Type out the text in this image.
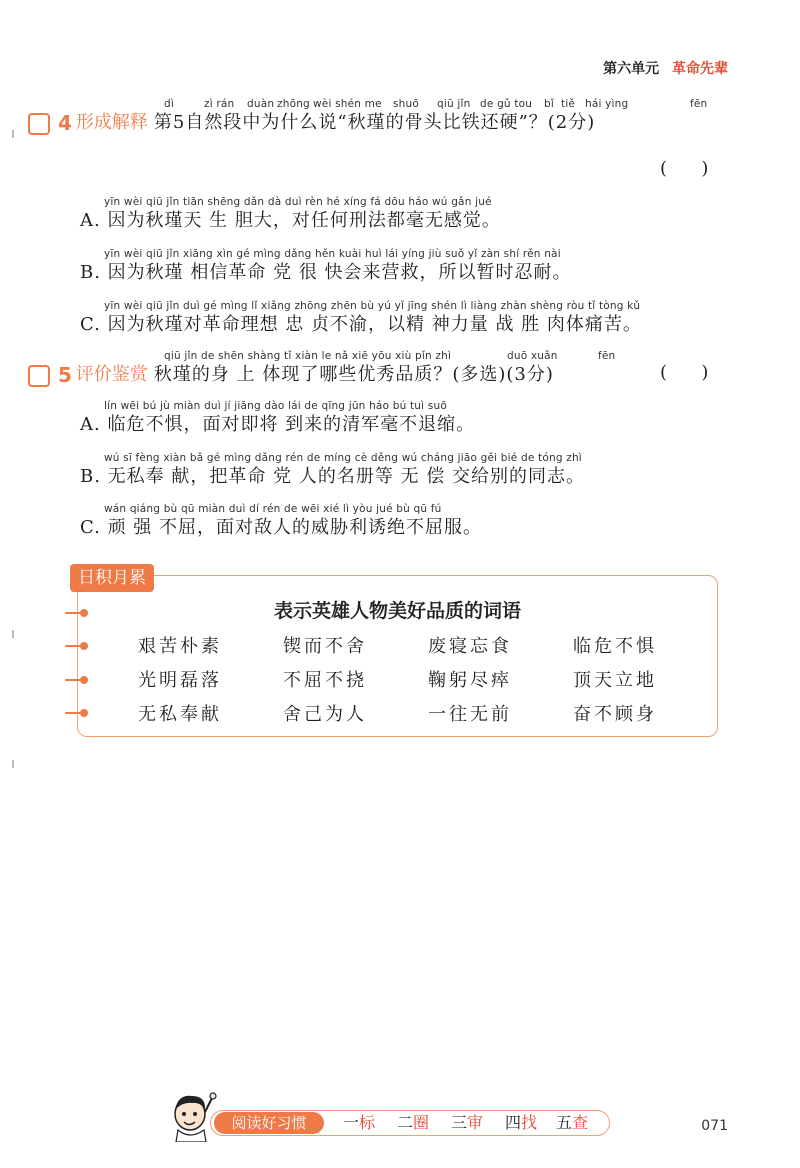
第六单元 革命先辈
dì	zì rán duàn zhōng wèi shén me shuō qiū jǐn de gǔ tou bǐ tiě hái yìng	fēn
4 形成解释 第5自然段中为什么说“秋瑾的骨头比铁还硬”？(2分)
(      )
yīn wèi qiū jǐn tiān shēng dǎn dà duì rèn hé xíng fá dōu háo wú gǎn jué
A. 因为秋瑾天 生 胆大，对任何刑法都毫无感觉。
yīn wèi qiū jǐn xiāng xìn gé mìng dǎng hěn kuài huì lái yíng jiù suǒ yǐ zàn shí rěn nài
B. 因为秋瑾 相信革命 党 很 快会来营救，所以暂时忍耐。
yīn wèi qiū jǐn duì gé mìng lǐ xiǎng zhōng zhēn bù yú yǐ jīng shén lì liàng zhàn shèng ròu tǐ tòng kǔ
C. 因为秋瑾对革命理想 忠 贞不渝，以精 神力量 战 胜 肉体痛苦。
qiū jǐn de shēn shàng tǐ xiàn le nǎ xiē yōu xiù pǐn zhì	duō xuǎn	fēn
5 评价鉴赏 秋瑾的身 上 体现了哪些优秀品质？(多选)(3分)	(      )
lín wēi bú jù miàn duì jí jiāng dào lái de qīng jūn háo bú tuì suō
A. 临危不惧，面对即将 到来的清军毫不退缩。
wú sī fèng xiàn bǎ gé mìng dǎng rén de míng cè děng wú cháng jiāo gěi bié de tóng zhì
B. 无私奉 献，把革命 党 人的名册等 无 偿 交给别的同志。
wán qiáng bù qū miàn duì dí rén de wēi xié lì yòu jué bù qū fú
C. 顽 强 不屈，面对敌人的威胁利诱绝不屈服。
日积月累
表示英雄人物美好品质的词语
艰苦朴素	锲而不舍	废寝忘食	临危不惧
光明磊落	不屈不挠	鞠躬尽瘁	顶天立地
无私奉献	舍己为人	一往无前	奋不顾身
阅读好习惯	一标 二圈 三审 四找 五查	071
